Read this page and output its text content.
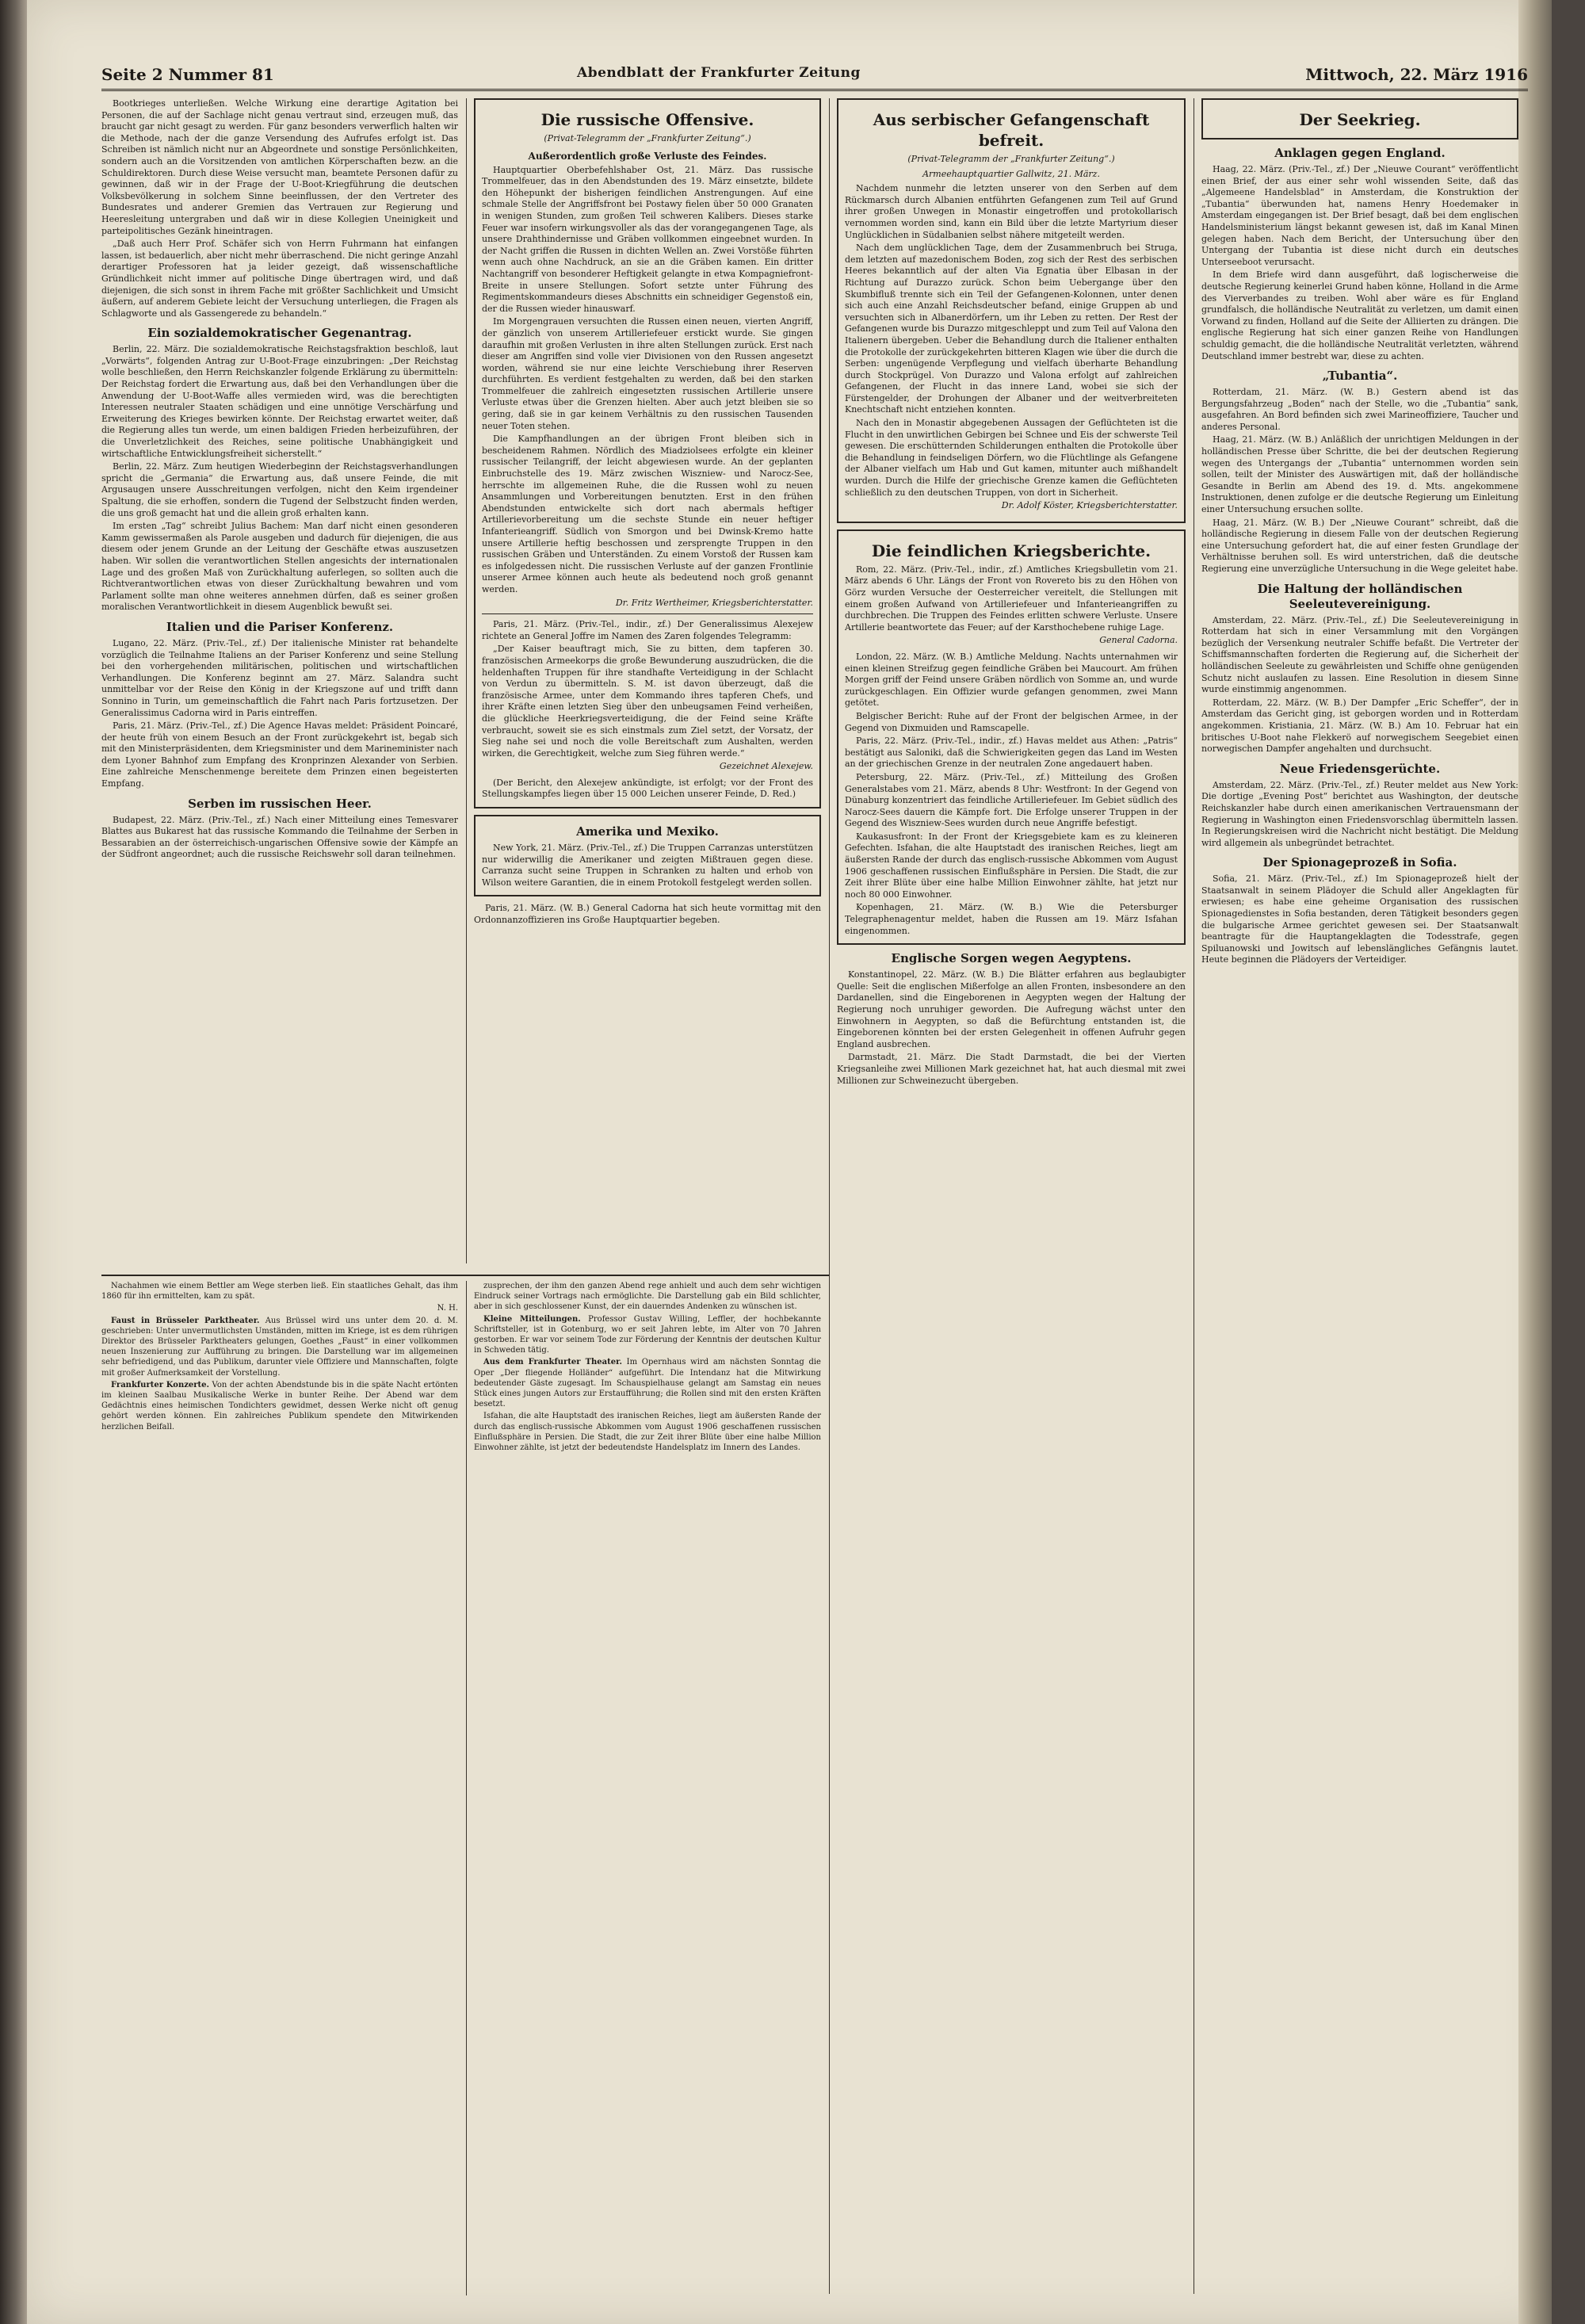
Seite 2 Nummer 81	Abendblatt der Frankfurter Zeitung	Mittwoch, 22. März 1916

Bootkrieges unterließen. Welche Wirkung eine derartige Agitation bei Personen, die auf der Sachlage nicht genau vertraut sind, erzeugen muß, das braucht gar nicht gesagt zu werden. Für ganz besonders verwerflich halten wir die Methode, nach der die ganze Versendung des Aufrufes erfolgt ist. Das Schreiben ist nämlich nicht nur an Abgeordnete und sonstige Persönlichkeiten, sondern auch an die Vorsitzenden von amtlichen Körperschaften bezw. an die Schuldirektoren. Durch diese Weise versucht man, beamtete Personen dafür zu gewinnen, daß wir in der Frage der U-Boot-Kriegführung die deutschen Volksbevölkerung in solchem Sinne beeinflussen, der den Vertreter des Bundesrates und anderer Gremien das Vertrauen zur Regierung und Heeresleitung untergraben und daß wir in diese Kollegien Uneinigkeit und parteipolitisches Gezänk hineintragen.

„Daß auch Herr Prof. Schäfer sich von Herrn Fuhrmann hat einfangen lassen, ist bedauerlich, aber nicht mehr überraschend. Die nicht geringe Anzahl derartiger Professoren hat ja leider gezeigt, daß wissenschaftliche Gründlichkeit nicht immer auf politische Dinge übertragen wird, und daß diejenigen, die sich sonst in ihrem Fache mit größter Sachlichkeit und Umsicht äußern, auf anderem Gebiete leicht der Versuchung unterliegen, die Fragen als Schlagworte und als Gassengerede zu behandeln.“

Ein sozialdemokratischer Gegenantrag.

Berlin, 22. März. Die sozialdemokratische Reichstagsfraktion beschloß, laut „Vorwärts“, folgenden Antrag zur U-Boot-Frage einzubringen: „Der Reichstag wolle beschließen, den Herrn Reichskanzler folgende Erklärung zu übermitteln: Der Reichstag fordert die Erwartung aus, daß bei den Verhandlungen über die Anwendung der U-Boot-Waffe alles vermieden wird, was die berechtigten Interessen neutraler Staaten schädigen und eine unnötige Verschärfung und Erweiterung des Krieges bewirken könnte. Der Reichstag erwartet weiter, daß die Regierung alles tun werde, um einen baldigen Frieden herbeizuführen, der die Unverletzlichkeit des Reiches, seine politische Unabhängigkeit und wirtschaftliche Entwicklungsfreiheit sicherstellt.“

Berlin, 22. März. Zum heutigen Wiederbeginn der Reichstagsverhandlungen spricht die „Germania“ die Erwartung aus, daß unsere Feinde, die mit Argusaugen unsere Ausschreitungen verfolgen, nicht den Keim irgendeiner Spaltung, die sie erhoffen, sondern die Tugend der Selbstzucht finden werden, die uns groß gemacht hat und die allein groß erhalten kann.

Im ersten „Tag“ schreibt Julius Bachem: Man darf nicht einen gesonderen Kamm gewissermaßen als Parole ausgeben und dadurch für diejenigen, die aus diesem oder jenem Grunde an der Leitung der Geschäfte etwas auszusetzen haben. Wir sollen die verantwortlichen Stellen angesichts der internationalen Lage und des großen Maß von Zurückhaltung auferlegen, so sollten auch die Richtverantwortlichen etwas von dieser Zurückhaltung bewahren und vom Parlament sollte man ohne weiteres annehmen dürfen, daß es seiner großen moralischen Verantwortlichkeit in diesem Augenblick bewußt sei.

Italien und die Pariser Konferenz.

Lugano, 22. März. (Priv.-Tel., zf.) Der italienische Minister rat behandelte vorzüglich die Teilnahme Italiens an der Pariser Konferenz und seine Stellung bei den vorhergehenden militärischen, politischen und wirtschaftlichen Verhandlungen. Die Konferenz beginnt am 27. März. Salandra sucht unmittelbar vor der Reise den König in der Kriegszone auf und trifft dann Sonnino in Turin, um gemeinschaftlich die Fahrt nach Paris fortzusetzen. Der Generalissimus Cadorna wird in Paris eintreffen.

Paris, 21. März. (Priv.-Tel., zf.) Die Agence Havas meldet: Präsident Poincaré, der heute früh von einem Besuch an der Front zurückgekehrt ist, begab sich mit den Ministerpräsidenten, dem Kriegsminister und dem Marineminister nach dem Lyoner Bahnhof zum Empfang des Kronprinzen Alexander von Serbien. Eine zahlreiche Menschenmenge bereitete dem Prinzen einen begeisterten Empfang.

Serben im russischen Heer.

Budapest, 22. März. (Priv.-Tel., zf.) Nach einer Mitteilung eines Temesvarer Blattes aus Bukarest hat das russische Kommando die Teilnahme der Serben in Bessarabien an der österreichisch-ungarischen Offensive sowie der Kämpfe an der Südfront angeordnet; auch die russische Reichswehr soll daran teilnehmen.

Die russische Offensive.

(Privat-Telegramm der „Frankfurter Zeitung“.)

Außerordentlich große Verluste des Feindes.

Hauptquartier Oberbefehlshaber Ost, 21. März. Das russische Trommelfeuer, das in den Abendstunden des 19. März einsetzte, bildete den Höhepunkt der bisherigen feindlichen Anstrengungen. Auf eine schmale Stelle der Angriffsfront bei Postawy fielen über 50 000 Granaten in wenigen Stunden, zum großen Teil schweren Kalibers. Dieses starke Feuer war insofern wirkungsvoller als das der vorangegangenen Tage, als unsere Drahthindernisse und Gräben vollkommen eingeebnet wurden. In der Nacht griffen die Russen in dichten Wellen an. Zwei Vorstöße führten wenn auch ohne Nachdruck, an sie an die Gräben kamen. Ein dritter Nachtangriff von besonderer Heftigkeit gelangte in etwa Kompagniefront-Breite in unsere Stellungen. Sofort setzte unter Führung des Regimentskommandeurs dieses Abschnitts ein schneidiger Gegenstoß ein, der die Russen wieder hinauswarf.

Im Morgengrauen versuchten die Russen einen neuen, vierten Angriff, der gänzlich von unserem Artilleriefeuer erstickt wurde. Sie gingen daraufhin mit großen Verlusten in ihre alten Stellungen zurück. Erst nach dieser am Angriffen sind volle vier Divisionen von den Russen angesetzt worden, während sie nur eine leichte Verschiebung ihrer Reserven durchführten. Es verdient festgehalten zu werden, daß bei den starken Trommelfeuer die zahlreich eingesetzten russischen Artillerie unsere Verluste etwas über die Grenzen hielten. Aber auch jetzt bleiben sie so gering, daß sie in gar keinem Verhältnis zu den russischen Tausenden neuer Toten stehen.

Die Kampfhandlungen an der übrigen Front bleiben sich in bescheidenem Rahmen. Nördlich des Miadziolsees erfolgte ein kleiner russischer Teilangriff, der leicht abgewiesen wurde. An der geplanten Einbruchstelle des 19. März zwischen Wiszniew- und Narocz-See, herrschte im allgemeinen Ruhe, die die Russen wohl zu neuen Ansammlungen und Vorbereitungen benutzten. Erst in den frühen Abendstunden entwickelte sich dort nach abermals heftiger Artillerievorbereitung um die sechste Stunde ein neuer heftiger Infanterieangriff. Südlich von Smorgon und bei Dwinsk-Kremo hatte unsere Artillerie heftig beschossen und zersprengte Truppen in den russischen Gräben und Unterständen. Zu einem Vorstoß der Russen kam es infolgedessen nicht. Die russischen Verluste auf der ganzen Frontlinie unserer Armee können auch heute als bedeutend noch groß genannt werden.

Dr. Fritz Wertheimer, Kriegsberichterstatter.

Paris, 21. März. (Priv.-Tel., indir., zf.) Der Generalissimus Alexejew richtete an General Joffre im Namen des Zaren folgendes Telegramm:

„Der Kaiser beauftragt mich, Sie zu bitten, dem tapferen 30. französischen Armeekorps die große Bewunderung auszudrücken, die die heldenhaften Truppen für ihre standhafte Verteidigung in der Schlacht von Verdun zu übermitteln. S. M. ist davon überzeugt, daß die französische Armee, unter dem Kommando ihres tapferen Chefs, und ihrer Kräfte einen letzten Sieg über den unbeugsamen Feind verheißen, die glückliche Heerkriegsverteidigung, die der Feind seine Kräfte verbraucht, soweit sie es sich einstmals zum Ziel setzt, der Vorsatz, der Sieg nahe sei und noch die volle Bereitschaft zum Aushalten, werden wirken, die Gerechtigkeit, welche zum Sieg führen werde.“

Gezeichnet Alexejew.

(Der Bericht, den Alexejew ankündigte, ist erfolgt; vor der Front des Stellungskampfes liegen über 15 000 Leichen unserer Feinde, D. Red.)

Amerika und Mexiko.

New York, 21. März. (Priv.-Tel., zf.) Die Truppen Carranzas unterstützen nur widerwillig die Amerikaner und zeigten Mißtrauen gegen diese. Carranza sucht seine Truppen in Schranken zu halten und erhob von Wilson weitere Garantien, die in einem Protokoll festgelegt werden sollen.

Paris, 21. März. (W. B.) General Cadorna hat sich heute vormittag mit den Ordonnanzoffizieren ins Große Hauptquartier begeben.

Aus serbischer Gefangenschaft befreit.

(Privat-Telegramm der „Frankfurter Zeitung“.)

Armeehauptquartier Gallwitz, 21. März.

Nachdem nunmehr die letzten unserer von den Serben auf dem Rückmarsch durch Albanien entführten Gefangenen zum Teil auf Grund ihrer großen Unwegen in Monastir eingetroffen und protokollarisch vernommen worden sind, kann ein Bild über die letzte Martyrium dieser Unglücklichen in Südalbanien selbst nähere mitgeteilt werden.

Nach dem unglücklichen Tage, dem der Zusammenbruch bei Struga, dem letzten auf mazedonischem Boden, zog sich der Rest des serbischen Heeres bekanntlich auf der alten Via Egnatia über Elbasan in der Richtung auf Durazzo zurück. Schon beim Uebergange über den Skumbifluß trennte sich ein Teil der Gefangenen-Kolonnen, unter denen sich auch eine Anzahl Reichsdeutscher befand, einige Gruppen ab und versuchten sich in Albanerdörfern, um ihr Leben zu retten. Der Rest der Gefangenen wurde bis Durazzo mitgeschleppt und zum Teil auf Valona den Italienern übergeben. Ueber die Behandlung durch die Italiener enthalten die Protokolle der zurückgekehrten bitteren Klagen wie über die durch die Serben: ungenügende Verpflegung und vielfach überharte Behandlung durch Stockprügel. Von Durazzo und Valona erfolgt auf zahlreichen Gefangenen, der Flucht in das innere Land, wobei sie sich der Fürstengelder, der Drohungen der Albaner und der weitverbreiteten Knechtschaft nicht entziehen konnten.

Nach den in Monastir abgegebenen Aussagen der Geflüchteten ist die Flucht in den unwirtlichen Gebirgen bei Schnee und Eis der schwerste Teil gewesen. Die erschütternden Schilderungen enthalten die Protokolle über die Behandlung in feindseligen Dörfern, wo die Flüchtlinge als Gefangene der Albaner vielfach um Hab und Gut kamen, mitunter auch mißhandelt wurden. Durch die Hilfe der griechische Grenze kamen die Geflüchteten schließlich zu den deutschen Truppen, von dort in Sicherheit.

Dr. Adolf Köster, Kriegsberichterstatter.

Die feindlichen Kriegsberichte.

Rom, 22. März. (Priv.-Tel., indir., zf.) Amtliches Kriegsbulletin vom 21. März abends 6 Uhr. Längs der Front von Rovereto bis zu den Höhen von Görz wurden Versuche der Oesterreicher vereitelt, die Stellungen mit einem großen Aufwand von Artilleriefeuer und Infanterieangriffen zu durchbrechen. Die Truppen des Feindes erlitten schwere Verluste. Unsere Artillerie beantwortete das Feuer; auf der Karsthochebene ruhige Lage.

General Cadorna.

London, 22. März. (W. B.) Amtliche Meldung. Nachts unternahmen wir einen kleinen Streifzug gegen feindliche Gräben bei Maucourt. Am frühen Morgen griff der Feind unsere Gräben nördlich von Somme an, und wurde zurückgeschlagen. Ein Offizier wurde gefangen genommen, zwei Mann getötet.

Belgischer Bericht: Ruhe auf der Front der belgischen Armee, in der Gegend von Dixmuiden und Ramscapelle.

Paris, 22. März. (Priv.-Tel., indir., zf.) Havas meldet aus Athen: „Patris“ bestätigt aus Saloniki, daß die Schwierigkeiten gegen das Land im Westen an der griechischen Grenze in der neutralen Zone angedauert haben.

Petersburg, 22. März. (Priv.-Tel., zf.) Mitteilung des Großen Generalstabes vom 21. März, abends 8 Uhr: Westfront: In der Gegend von Dünaburg konzentriert das feindliche Artilleriefeuer. Im Gebiet südlich des Narocz-Sees dauern die Kämpfe fort. Die Erfolge unserer Truppen in der Gegend des Wiszniew-Sees wurden durch neue Angriffe befestigt.

Kaukasusfront: In der Front der Kriegsgebiete kam es zu kleineren Gefechten. Isfahan, die alte Hauptstadt des iranischen Reiches, liegt am äußersten Rande der durch das englisch-russische Abkommen vom August 1906 geschaffenen russischen Einflußsphäre in Persien. Die Stadt, die zur Zeit ihrer Blüte über eine halbe Million Einwohner zählte, hat jetzt nur noch 80 000 Einwohner.

Kopenhagen, 21. März. (W. B.) Wie die Petersburger Telegraphenagentur meldet, haben die Russen am 19. März Isfahan eingenommen.

Englische Sorgen wegen Aegyptens.

Konstantinopel, 22. März. (W. B.) Die Blätter erfahren aus beglaubigter Quelle: Seit die englischen Mißerfolge an allen Fronten, insbesondere an den Dardanellen, sind die Eingeborenen in Aegypten wegen der Haltung der Regierung noch unruhiger geworden. Die Aufregung wächst unter den Einwohnern in Aegypten, so daß die Befürchtung entstanden ist, die Eingeborenen könnten bei der ersten Gelegenheit in offenen Aufruhr gegen England ausbrechen.

Darmstadt, 21. März. Die Stadt Darmstadt, die bei der Vierten Kriegsanleihe zwei Millionen Mark gezeichnet hat, hat auch diesmal mit zwei Millionen zur Schweinezucht übergeben.

Der Seekrieg.
Anklagen gegen England.

Haag, 22. März. (Priv.-Tel., zf.) Der „Nieuwe Courant“ veröffentlicht einen Brief, der aus einer sehr wohl wissenden Seite, daß das „Algemeene Handelsblad“ in Amsterdam, die Konstruktion der „Tubantia“ überwunden hat, namens Henry Hoedemaker in Amsterdam eingegangen ist. Der Brief besagt, daß bei dem englischen Handelsministerium längst bekannt gewesen ist, daß im Kanal Minen gelegen haben. Nach dem Bericht, der Untersuchung über den Untergang der Tubantia ist diese nicht durch ein deutsches Unterseeboot verursacht.

In dem Briefe wird dann ausgeführt, daß logischerweise die deutsche Regierung keinerlei Grund haben könne, Holland in die Arme des Vierverbandes zu treiben. Wohl aber wäre es für England grundfalsch, die holländische Neutralität zu verletzen, um damit einen Vorwand zu finden, Holland auf die Seite der Alliierten zu drängen. Die englische Regierung hat sich einer ganzen Reihe von Handlungen schuldig gemacht, die die holländische Neutralität verletzten, während Deutschland immer bestrebt war, diese zu achten.

„Tubantia“.

Rotterdam, 21. März. (W. B.) Gestern abend ist das Bergungsfahrzeug „Boden“ nach der Stelle, wo die „Tubantia“ sank, ausgefahren. An Bord befinden sich zwei Marineoffiziere, Taucher und anderes Personal.

Haag, 21. März. (W. B.) Anläßlich der unrichtigen Meldungen in der holländischen Presse über Schritte, die bei der deutschen Regierung wegen des Untergangs der „Tubantia“ unternommen worden sein sollen, teilt der Minister des Auswärtigen mit, daß der holländische Gesandte in Berlin am Abend des 19. d. Mts. angekommene Instruktionen, denen zufolge er die deutsche Regierung um Einleitung einer Untersuchung ersuchen sollte.

Haag, 21. März. (W. B.) Der „Nieuwe Courant“ schreibt, daß die holländische Regierung in diesem Falle von der deutschen Regierung eine Untersuchung gefordert hat, die auf einer festen Grundlage der Verhältnisse beruhen soll. Es wird unterstrichen, daß die deutsche Regierung eine unverzügliche Untersuchung in die Wege geleitet habe.

Die Haltung der holländischen Seeleutevereinigung.

Amsterdam, 22. März. (Priv.-Tel., zf.) Die Seeleutevereinigung in Rotterdam hat sich in einer Versammlung mit den Vorgängen bezüglich der Versenkung neutraler Schiffe befaßt. Die Vertreter der Schiffsmannschaften forderten die Regierung auf, die Sicherheit der holländischen Seeleute zu gewährleisten und Schiffe ohne genügenden Schutz nicht auslaufen zu lassen. Eine Resolution in diesem Sinne wurde einstimmig angenommen.

Rotterdam, 22. März. (W. B.) Der Dampfer „Eric Scheffer“, der in Amsterdam das Gericht ging, ist geborgen worden und in Rotterdam angekommen. Kristiania, 21. März. (W. B.) Am 10. Februar hat ein britisches U-Boot nahe Flekkerö auf norwegischem Seegebiet einen norwegischen Dampfer angehalten und durchsucht.

Neue Friedensgerüchte.

Amsterdam, 22. März. (Priv.-Tel., zf.) Reuter meldet aus New York: Die dortige „Evening Post“ berichtet aus Washington, der deutsche Reichskanzler habe durch einen amerikanischen Vertrauensmann der Regierung in Washington einen Friedensvorschlag übermitteln lassen. In Regierungskreisen wird die Nachricht nicht bestätigt. Die Meldung wird allgemein als unbegründet betrachtet.

Der Spionageprozeß in Sofia.

Sofia, 21. März. (Priv.-Tel., zf.) Im Spionageprozeß hielt der Staatsanwalt in seinem Plädoyer die Schuld aller Angeklagten für erwiesen; es habe eine geheime Organisation des russischen Spionagedienstes in Sofia bestanden, deren Tätigkeit besonders gegen die bulgarische Armee gerichtet gewesen sei. Der Staatsanwalt beantragte für die Hauptangeklagten die Todesstrafe, gegen Spiluanowski und Jowitsch auf lebenslängliches Gefängnis lautet. Heute beginnen die Plädoyers der Verteidiger.

Nachahmen wie einem Bettler am Wege sterben ließ. Ein staatliches Gehalt, das ihm 1860 für ihn ermittelten, kam zu spät.

N. H.

Faust in Brüsseler Parktheater. Aus Brüssel wird uns unter dem 20. d. M. geschrieben: Unter unvermutlichsten Umständen, mitten im Kriege, ist es dem rührigen Direktor des Brüsseler Parktheaters gelungen, Goethes „Faust“ in einer vollkommen neuen Inszenierung zur Aufführung zu bringen. Die Darstellung war im allgemeinen sehr befriedigend, und das Publikum, darunter viele Offiziere und Mannschaften, folgte mit großer Aufmerksamkeit der Vorstellung.

Frankfurter Konzerte. Von der achten Abendstunde bis in die späte Nacht ertönten im kleinen Saalbau Musikalische Werke in bunter Reihe. Der Abend war dem Gedächtnis eines heimischen Tondichters gewidmet, dessen Werke nicht oft genug gehört werden können. Ein zahlreiches Publikum spendete den Mitwirkenden herzlichen Beifall.

zusprechen, der ihm den ganzen Abend rege anhielt und auch dem sehr wichtigen Eindruck seiner Vortrags nach ermöglichte. Die Darstellung gab ein Bild schlichter, aber in sich geschlossener Kunst, der ein dauerndes Andenken zu wünschen ist.

Kleine Mitteilungen. Professor Gustav Willing, Leffler, der hochbekannte Schriftsteller, ist in Gotenburg, wo er seit Jahren lebte, im Alter von 70 Jahren gestorben. Er war vor seinem Tode zur Förderung der Kenntnis der deutschen Kultur in Schweden tätig.

Aus dem Frankfurter Theater. Im Opernhaus wird am nächsten Sonntag die Oper „Der fliegende Holländer“ aufgeführt. Die Intendanz hat die Mitwirkung bedeutender Gäste zugesagt. Im Schauspielhause gelangt am Samstag ein neues Stück eines jungen Autors zur Erstaufführung; die Rollen sind mit den ersten Kräften besetzt.

Isfahan, die alte Hauptstadt des iranischen Reiches, liegt am äußersten Rande der durch das englisch-russische Abkommen vom August 1906 geschaffenen russischen Einflußsphäre in Persien. Die Stadt, die zur Zeit ihrer Blüte über eine halbe Million Einwohner zählte, ist jetzt der bedeutendste Handelsplatz im Innern des Landes.
